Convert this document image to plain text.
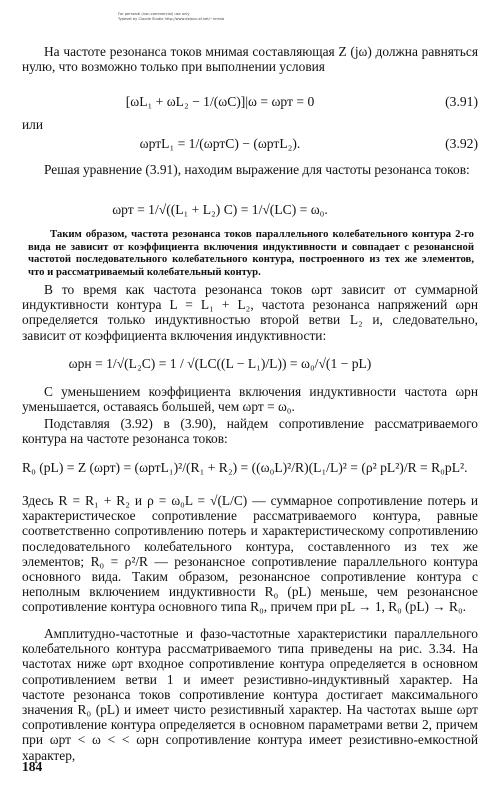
For personal (non-commercial) use only
Typeset by Claude Studio http://www.dejavu-sf.net/~nrmsb

На частоте резонанса токов мнимая составляющая Z (jω) должна равняться нулю, что возможно только при выполнении условия

[ωL₁ + ωL₂ − 1/(ωC)]|ω = ωрт = 0	(3.91)
или
ωртL₁ = 1/(ωртC) − (ωртL₂).	(3.92)

Решая уравнение (3.91), находим выражение для частоты резонанса токов:

ωрт = 1/√((L₁ + L₂) C) = 1/√(LC) = ω₀.

Таким образом, частота резонанса токов параллельного колебательного контура 2-го вида не зависит от коэффициента включения индуктивности и совпадает с резонансной частотой последовательного колебательного контура, построенного из тех же элементов, что и рассматриваемый колебательный контур.

В то время как частота резонанса токов ωрт зависит от суммарной индуктивности контура L = L₁ + L₂, частота резонанса напряжений ωрн определяется только индуктивностью второй ветви L₂ и, следовательно, зависит от коэффициента включения индуктивности:

ωрн = 1/√(L₂C) = 1 / √(LC((L − L₁)/L)) = ω₀/√(1 − pL)

С уменьшением коэффициента включения индуктивности частота ωрн уменьшается, оставаясь большей, чем ωрт = ω₀.

Подставляя (3.92) в (3.90), найдем сопротивление рассматриваемого контура на частоте резонанса токов:

R₀ (pL) = Z (ωрт) = (ωртL₁)²/(R₁ + R₂) = ((ω₀L)²/R)(L₁/L)² = (ρ² pL²)/R = R₀pL².

Здесь R = R₁ + R₂ и ρ = ω₀L = √(L/C) — суммарное сопротивление потерь и характеристическое сопротивление рассматриваемого контура, равные соответственно сопротивлению потерь и характеристическому сопротивлению последовательного колебательного контура, составленного из тех же элементов; R₀ = ρ²/R — резонансное сопротивление параллельного контура основного вида. Таким образом, резонансное сопротивление контура с неполным включением индуктивности R₀ (pL) меньше, чем резонансное сопротивление контура основного типа R₀, причем при pL → 1, R₀ (pL) → R₀.

Амплитудно-частотные и фазо-частотные характеристики параллельного колебательного контура рассматриваемого типа приведены на рис. 3.34. На частотах ниже ωрт входное сопротивление контура определяется в основном сопротивлением ветви 1 и имеет резистивно-индуктивный характер. На частоте резонанса токов сопротивление контура достигает максимального значения R₀ (pL) и имеет чисто резистивный характер. На частотах выше ωрт сопротивление контура определяется в основном параметрами ветви 2, причем при ωрт < ω < < ωрн сопротивление контура имеет резистивно-емкостной характер,

184
